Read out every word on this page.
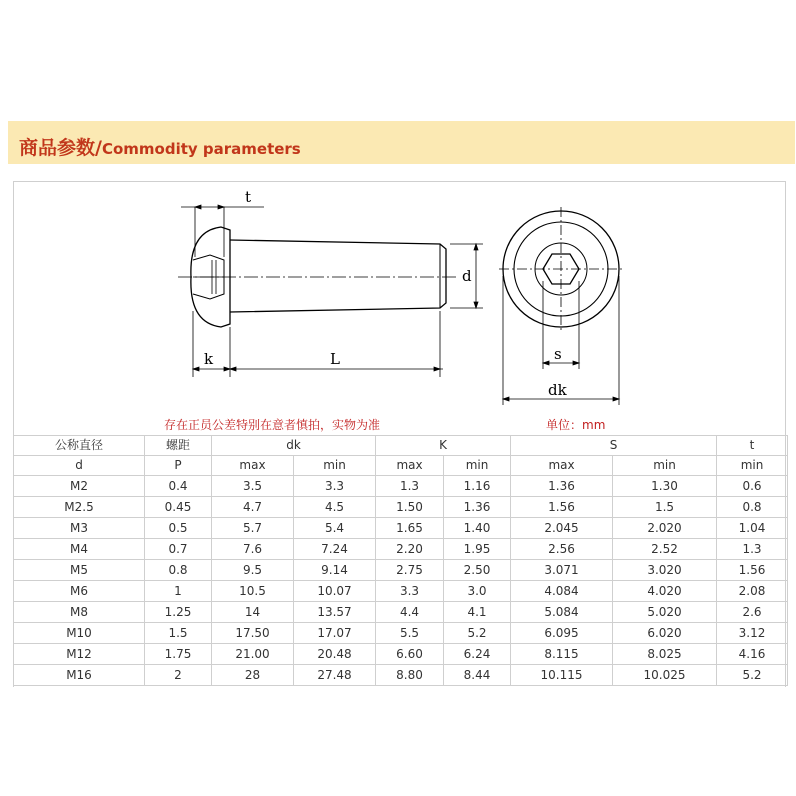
商品参数/Commodity parameters
t
d
k	L	s
dk
存在正员公差特别在意者慎拍，实物为准	单位：mm
公称直径	螺距	dk		K		S		t
d	P	max	min	max	min	max	min	min
M2	0.4	3.5	3.3	1.3	1.16	1.36	1.30	0.6
M2.5	0.45	4.7	4.5	1.50	1.36	1.56	1.5	0.8
M3	0.5	5.7	5.4	1.65	1.40	2.045	2.020	1.04
M4	0.7	7.6	7.24	2.20	1.95	2.56	2.52	1.3
M5	0.8	9.5	9.14	2.75	2.50	3.071	3.020	1.56
M6	1	10.5	10.07	3.3	3.0	4.084	4.020	2.08
M8	1.25	14	13.57	4.4	4.1	5.084	5.020	2.6
M10	1.5	17.50	17.07	5.5	5.2	6.095	6.020	3.12
M12	1.75	21.00	20.48	6.60	6.24	8.115	8.025	4.16
M16	2	28	27.48	8.80	8.44	10.115	10.025	5.2
